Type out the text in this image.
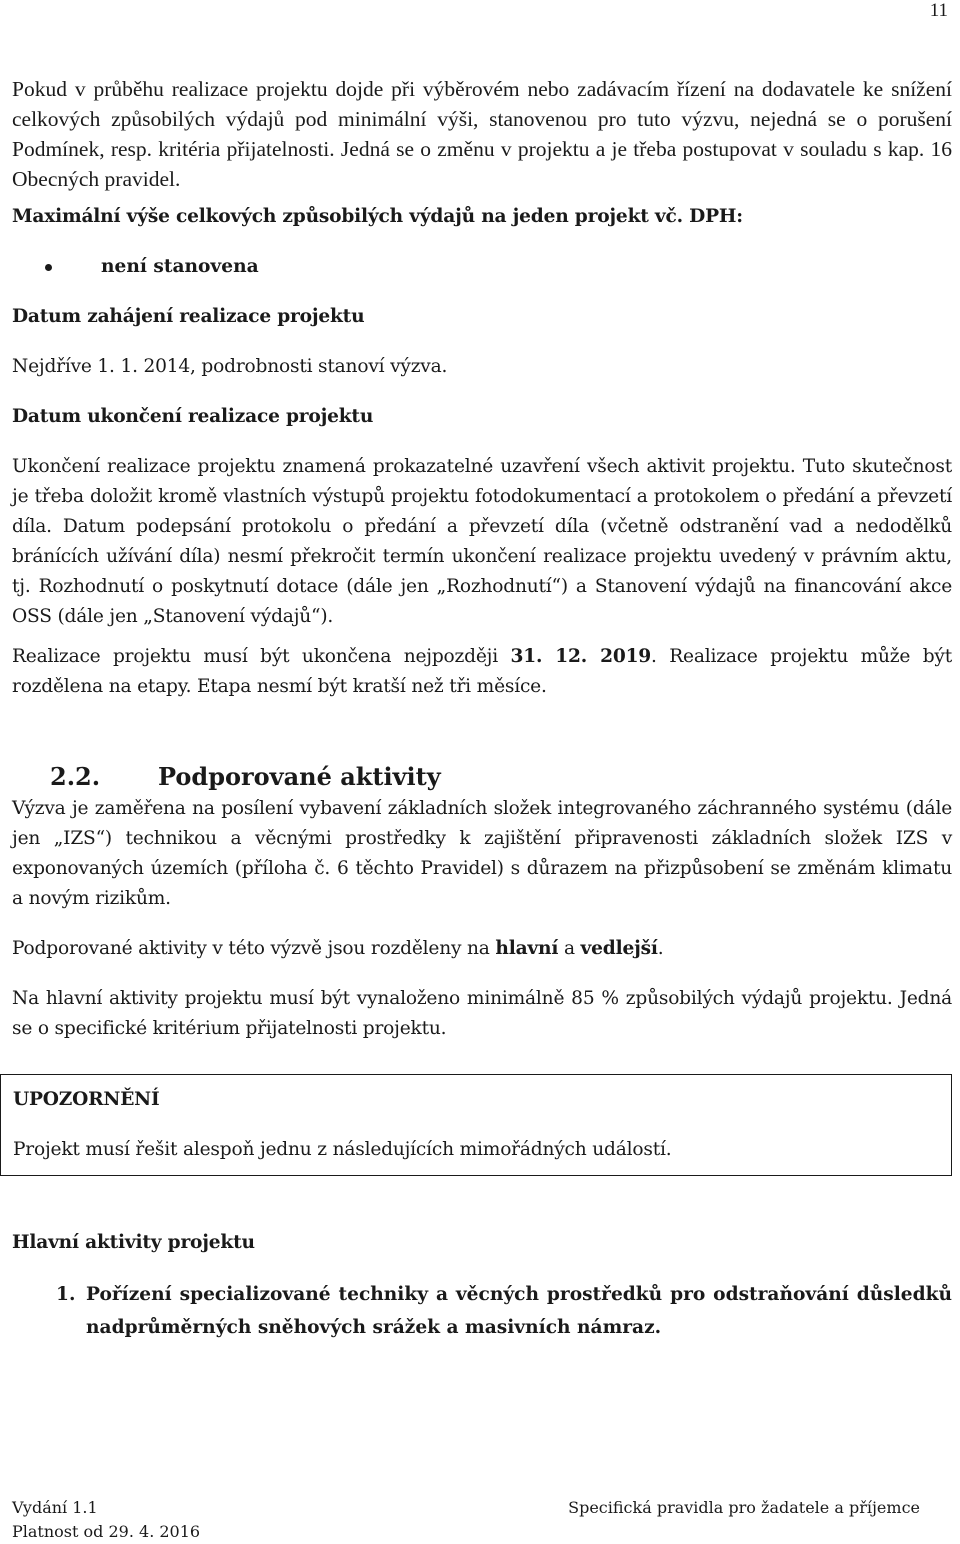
11

Pokud v průběhu realizace projektu dojde při výběrovém nebo zadávacím řízení na dodavatele ke snížení celkových způsobilých výdajů pod minimální výši, stanovenou pro tuto výzvu, nejedná se o porušení Podmínek, resp. kritéria přijatelnosti. Jedná se o změnu v projektu a je třeba postupovat v souladu s kap. 16 Obecných pravidel.

Maximální výše celkových způsobilých výdajů na jeden projekt vč. DPH:

není stanovena

Datum zahájení realizace projektu

Nejdříve 1. 1. 2014, podrobnosti stanoví výzva.

Datum ukončení realizace projektu

Ukončení realizace projektu znamená prokazatelné uzavření všech aktivit projektu. Tuto skutečnost je třeba doložit kromě vlastních výstupů projektu fotodokumentací a protokolem o předání a převzetí díla. Datum podepsání protokolu o předání a převzetí díla (včetně odstranění vad a nedodělků bránících užívání díla) nesmí překročit termín ukončení realizace projektu uvedený v právním aktu, tj. Rozhodnutí o poskytnutí dotace (dále jen „Rozhodnutí“) a Stanovení výdajů na financování akce OSS (dále jen „Stanovení výdajů“).

Realizace projektu musí být ukončena nejpozději 31. 12. 2019. Realizace projektu může být rozdělena na etapy. Etapa nesmí být kratší než tři měsíce.

2.2.	Podporované aktivity

Výzva je zaměřena na posílení vybavení základních složek integrovaného záchranného systému (dále jen „IZS“) technikou a věcnými prostředky k zajištění připravenosti základních složek IZS v exponovaných územích (příloha č. 6 těchto Pravidel) s důrazem na přizpůsobení se změnám klimatu a novým rizikům.

Podporované aktivity v této výzvě jsou rozděleny na hlavní a vedlejší.

Na hlavní aktivity projektu musí být vynaloženo minimálně 85 % způsobilých výdajů projektu. Jedná se o specifické kritérium přijatelnosti projektu.

UPOZORNĚNÍ

Projekt musí řešit alespoň jednu z následujících mimořádných událostí.

Hlavní aktivity projektu

1. Pořízení specializované techniky a věcných prostředků pro odstraňování důsledků nadprůměrných sněhových srážek a masivních námraz.
Vydání 1.1	Specifická pravidla pro žadatele a příjemce
Platnost od 29. 4. 2016
